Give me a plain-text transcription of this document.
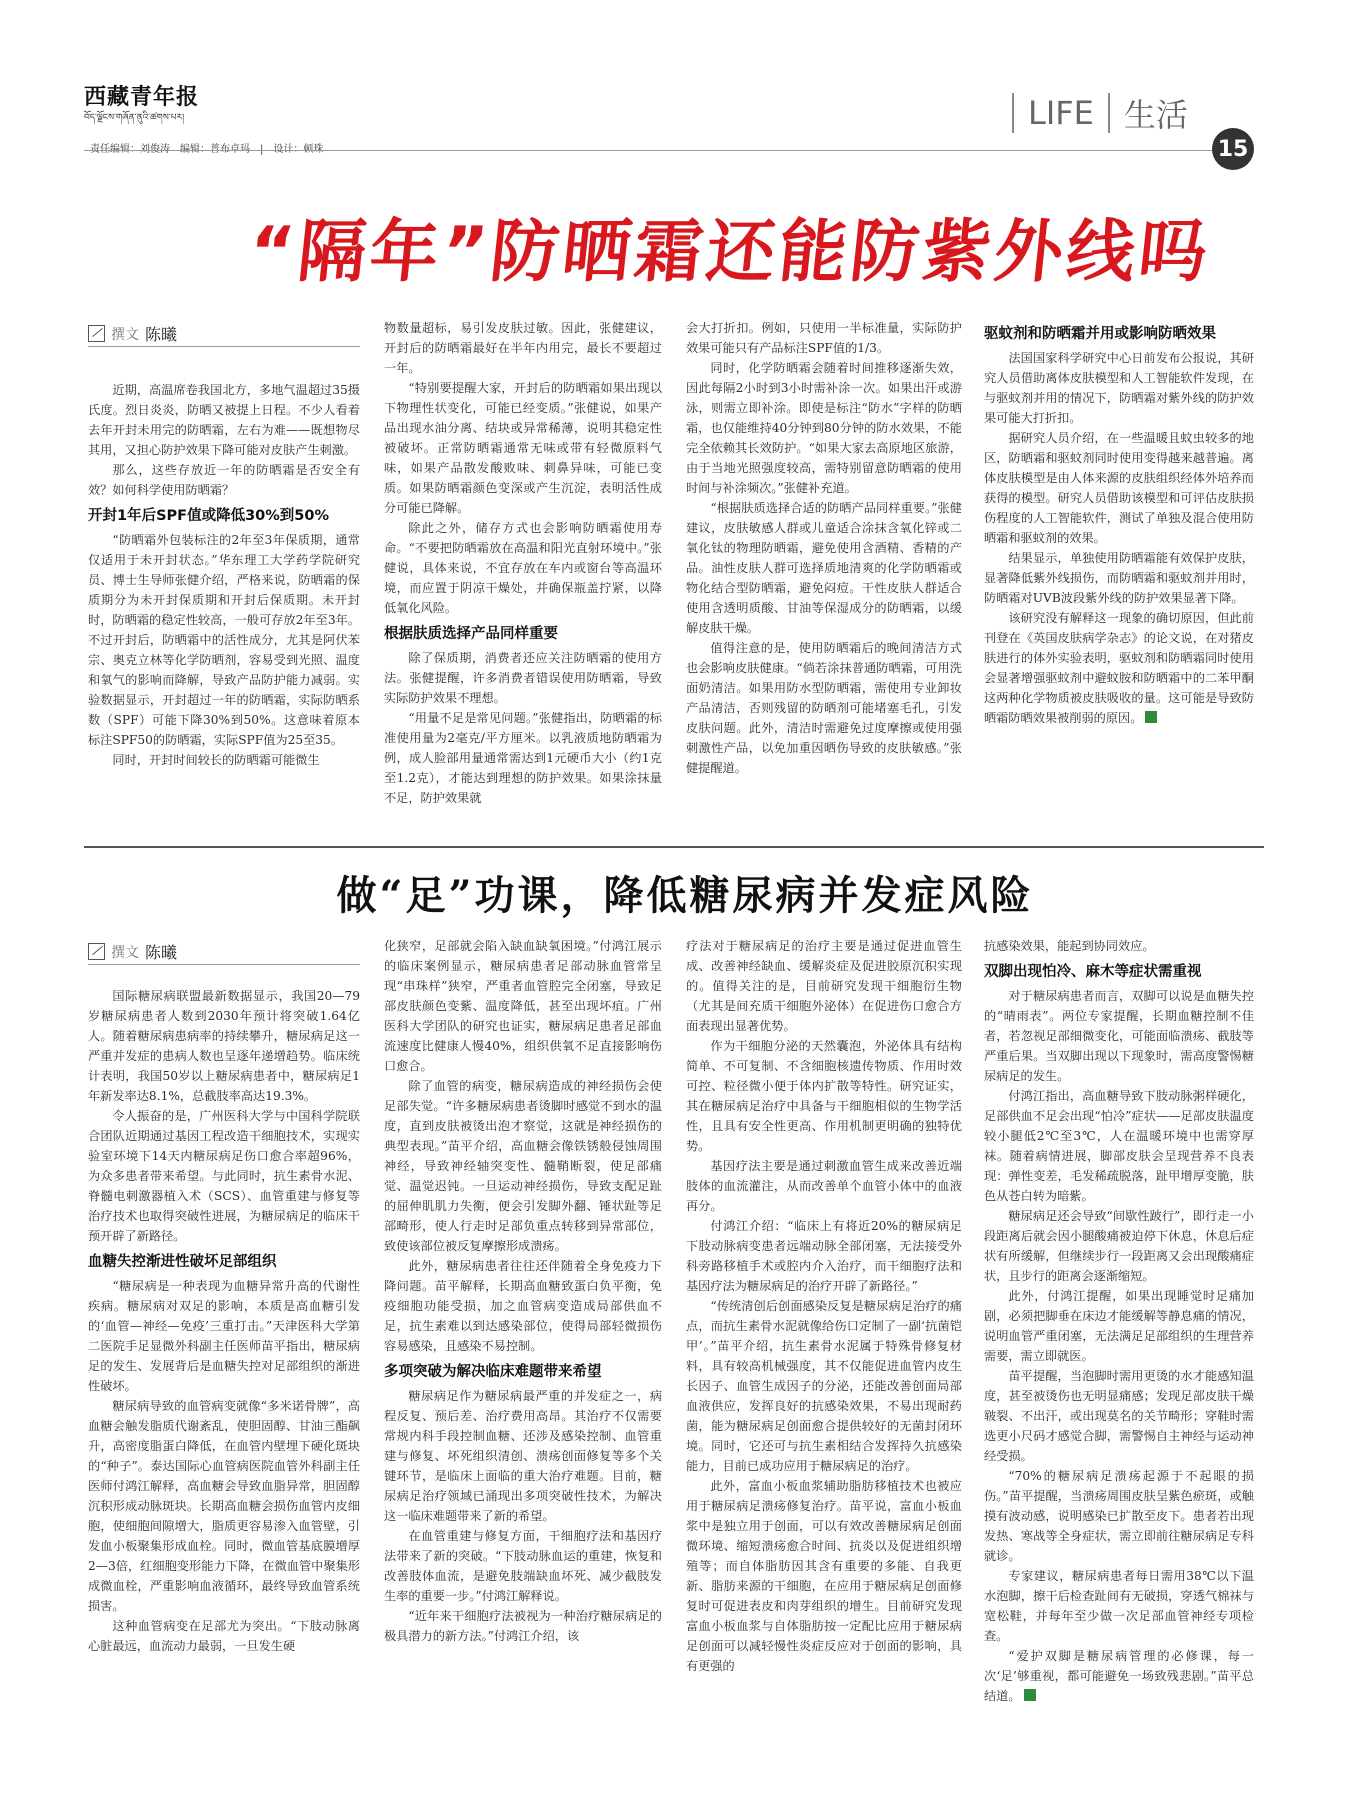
西藏青年报
བོད་ལྗོངས་གཞོན་ནུའི་ཚགས་པར།	LIFE 生活
15
“隔年”防晒霜还能防紫外线吗
撰文 陈曦

近期，高温席卷我国北方，多地气温超过35摄氏度。烈日炎炎，防晒又被提上日程。不少人看着去年开封未用完的防晒霜，左右为难——既想物尽其用，又担心防护效果下降可能对皮肤产生刺激。

那么，这些存放近一年的防晒霜是否安全有效？如何科学使用防晒霜？

开封1年后SPF值或降低30%到50%

“防晒霜外包装标注的2年至3年保质期，通常仅适用于未开封状态。”华东理工大学药学院研究员、博士生导师张健介绍，严格来说，防晒霜的保质期分为未开封保质期和开封后保质期。未开封时，防晒霜的稳定性较高，一般可存放2年至3年。不过开封后，防晒霜中的活性成分，尤其是阿伏苯宗、奥克立林等化学防晒剂，容易受到光照、温度和氧气的影响而降解，导致产品防护能力减弱。实验数据显示，开封超过一年的防晒霜，实际防晒系数（SPF）可能下降30%到50%。这意味着原本标注SPF50的防晒霜，实际SPF值为25至35。

同时，开封时间较长的防晒霜可能微生

物数量超标，易引发皮肤过敏。因此，张健建议，开封后的防晒霜最好在半年内用完，最长不要超过一年。

“特别要提醒大家，开封后的防晒霜如果出现以下物理性状变化，可能已经变质。”张健说，如果产品出现水油分离、结块或异常稀薄，说明其稳定性被破坏。正常防晒霜通常无味或带有轻微原料气味，如果产品散发酸败味、刺鼻异味，可能已变质。如果防晒霜颜色变深或产生沉淀，表明活性成分可能已降解。

除此之外，储存方式也会影响防晒霜使用寿命。“不要把防晒霜放在高温和阳光直射环境中。”张健说，具体来说，不宜存放在车内或窗台等高温环境，而应置于阴凉干燥处，并确保瓶盖拧紧，以降低氧化风险。

根据肤质选择产品同样重要

除了保质期，消费者还应关注防晒霜的使用方法。张健提醒，许多消费者错误使用防晒霜，导致实际防护效果不理想。

“用量不足是常见问题。”张健指出，防晒霜的标准使用量为2毫克/平方厘米。以乳液质地防晒霜为例，成人脸部用量通常需达到1元硬币大小（约1克至1.2克），才能达到理想的防护效果。如果涂抹量不足，防护效果就

会大打折扣。例如，只使用一半标准量，实际防护效果可能只有产品标注SPF值的1/3。

同时，化学防晒霜会随着时间推移逐渐失效，因此每隔2小时到3小时需补涂一次。如果出汗或游泳，则需立即补涂。即使是标注“防水”字样的防晒霜，也仅能维持40分钟到80分钟的防水效果，不能完全依赖其长效防护。“如果大家去高原地区旅游，由于当地光照强度较高，需特别留意防晒霜的使用时间与补涂频次。”张健补充道。

“根据肤质选择合适的防晒产品同样重要。”张健建议，皮肤敏感人群或儿童适合涂抹含氧化锌或二氧化钛的物理防晒霜，避免使用含酒精、香精的产品。油性皮肤人群可选择质地清爽的化学防晒霜或物化结合型防晒霜，避免闷痘。干性皮肤人群适合使用含透明质酸、甘油等保湿成分的防晒霜，以缓解皮肤干燥。

值得注意的是，使用防晒霜后的晚间清洁方式也会影响皮肤健康。“倘若涂抹普通防晒霜，可用洗面奶清洁。如果用防水型防晒霜，需使用专业卸妆产品清洁，否则残留的防晒剂可能堵塞毛孔，引发皮肤问题。此外，清洁时需避免过度摩擦或使用强刺激性产品，以免加重因晒伤导致的皮肤敏感。”张健提醒道。

驱蚊剂和防晒霜并用或影响防晒效果

法国国家科学研究中心日前发布公报说，其研究人员借助离体皮肤模型和人工智能软件发现，在与驱蚊剂并用的情况下，防晒霜对紫外线的防护效果可能大打折扣。

据研究人员介绍，在一些温暖且蚊虫较多的地区，防晒霜和驱蚊剂同时使用变得越来越普遍。离体皮肤模型是由人体来源的皮肤组织经体外培养而获得的模型。研究人员借助该模型和可评估皮肤损伤程度的人工智能软件，测试了单独及混合使用防晒霜和驱蚊剂的效果。

结果显示，单独使用防晒霜能有效保护皮肤，显著降低紫外线损伤，而防晒霜和驱蚊剂并用时，防晒霜对UVB波段紫外线的防护效果显著下降。

该研究没有解释这一现象的确切原因，但此前刊登在《英国皮肤病学杂志》的论文说，在对猪皮肤进行的体外实验表明，驱蚊剂和防晒霜同时使用会显著增强驱蚊剂中避蚊胺和防晒霜中的二苯甲酮这两种化学物质被皮肤吸收的量。这可能是导致防晒霜防晒效果被削弱的原因。

做“足”功课，降低糖尿病并发症风险
撰文 陈曦

国际糖尿病联盟最新数据显示，我国20—79岁糖尿病患者人数到2030年预计将突破1.64亿人。随着糖尿病患病率的持续攀升，糖尿病足这一严重并发症的患病人数也呈逐年递增趋势。临床统计表明，我国50岁以上糖尿病患者中，糖尿病足1年新发率达8.1%，总截肢率高达19.3%。

令人振奋的是，广州医科大学与中国科学院联合团队近期通过基因工程改造干细胞技术，实现实验室环境下14天内糖尿病足伤口愈合率超96%，为众多患者带来希望。与此同时，抗生素骨水泥、脊髓电刺激器植入术（SCS）、血管重建与修复等治疗技术也取得突破性进展，为糖尿病足的临床干预开辟了新路径。

血糖失控渐进性破坏足部组织

“糖尿病是一种表现为血糖异常升高的代谢性疾病。糖尿病对双足的影响，本质是高血糖引发的‘血管—神经—免疫’三重打击。”天津医科大学第二医院手足显微外科副主任医师苗平指出，糖尿病足的发生、发展背后是血糖失控对足部组织的渐进性破坏。

糖尿病导致的血管病变就像“多米诺骨牌”，高血糖会触发脂质代谢紊乱，使胆固醇、甘油三酯飙升，高密度脂蛋白降低，在血管内壁埋下硬化斑块的“种子”。泰达国际心血管病医院血管外科副主任医师付鸿江解释，高血糖会导致血脂异常，胆固醇沉积形成动脉斑块。长期高血糖会损伤血管内皮细胞，使细胞间隙增大，脂质更容易渗入血管壁，引发血小板聚集形成血栓。同时，微血管基底膜增厚2—3倍，红细胞变形能力下降，在微血管中聚集形成微血栓，严重影响血液循环，最终导致血管系统损害。

这种血管病变在足部尤为突出。“下肢动脉离心脏最远，血流动力最弱，一旦发生硬

化狭窄，足部就会陷入缺血缺氧困境。”付鸿江展示的临床案例显示，糖尿病患者足部动脉血管常呈现“串珠样”狭窄，严重者血管腔完全闭塞，导致足部皮肤颜色变紫、温度降低，甚至出现坏疽。广州医科大学团队的研究也证实，糖尿病足患者足部血流速度比健康人慢40%，组织供氧不足直接影响伤口愈合。

除了血管的病变，糖尿病造成的神经损伤会使足部失觉。“许多糖尿病患者烫脚时感觉不到水的温度，直到皮肤被烫出泡才察觉，这就是神经损伤的典型表现。”苗平介绍，高血糖会像铁锈般侵蚀周围神经，导致神经轴突变性、髓鞘断裂，使足部痛觉、温觉迟钝。一旦运动神经损伤，导致支配足趾的屈伸肌肌力失衡，便会引发脚外翻、锤状趾等足部畸形，使人行走时足部负重点转移到异常部位，致使该部位被反复摩擦形成溃疡。

此外，糖尿病患者往往还伴随着全身免疫力下降问题。苗平解释，长期高血糖致蛋白负平衡，免疫细胞功能受损，加之血管病变造成局部供血不足，抗生素难以到达感染部位，使得局部轻微损伤容易感染，且感染不易控制。

多项突破为解决临床难题带来希望

糖尿病足作为糖尿病最严重的并发症之一，病程反复、预后差、治疗费用高昂。其治疗不仅需要常规内科手段控制血糖、还涉及感染控制、血管重建与修复、坏死组织清创、溃疡创面修复等多个关键环节，是临床上面临的重大治疗难题。目前，糖尿病足治疗领域已涌现出多项突破性技术，为解决这一临床难题带来了新的希望。

在血管重建与修复方面，干细胞疗法和基因疗法带来了新的突破。“下肢动脉血运的重建，恢复和改善肢体血流，是避免肢端缺血坏死、减少截肢发生率的重要一步。”付鸿江解释说。

“近年来干细胞疗法被视为一种治疗糖尿病足的极具潜力的新方法。”付鸿江介绍，该

疗法对于糖尿病足的治疗主要是通过促进血管生成、改善神经缺血、缓解炎症及促进胶原沉积实现的。值得关注的是，目前研究发现干细胞衍生物（尤其是间充质干细胞外泌体）在促进伤口愈合方面表现出显著优势。

作为干细胞分泌的天然囊泡，外泌体具有结构简单、不可复制、不含细胞核遗传物质、作用时效可控、粒径微小便于体内扩散等特性。研究证实，其在糖尿病足治疗中具备与干细胞相似的生物学活性，且具有安全性更高、作用机制更明确的独特优势。

基因疗法主要是通过刺激血管生成来改善近端肢体的血流灌注，从而改善单个血管小体中的血液再分。

付鸿江介绍：“临床上有将近20%的糖尿病足下肢动脉病变患者远端动脉全部闭塞，无法接受外科旁路移植手术或腔内介入治疗，而干细胞疗法和基因疗法为糖尿病足的治疗开辟了新路径。”

“传统清创后创面感染反复是糖尿病足治疗的痛点，而抗生素骨水泥就像给伤口定制了一副‘抗菌铠甲’。”苗平介绍，抗生素骨水泥属于特殊骨修复材料，具有较高机械强度，其不仅能促进血管内皮生长因子、血管生成因子的分泌，还能改善创面局部血液供应，发挥良好的抗感染效果，不易出现耐药菌，能为糖尿病足创面愈合提供较好的无菌封闭环境。同时，它还可与抗生素相结合发挥持久抗感染能力，目前已成功应用于糖尿病足的治疗。

此外，富血小板血浆辅助脂肪移植技术也被应用于糖尿病足溃疡修复治疗。苗平说，富血小板血浆中是独立用于创面，可以有效改善糖尿病足创面微环境、缩短溃疡愈合时间、抗炎以及促进组织增殖等；而自体脂肪因其含有重要的多能、自我更新、脂肪来源的干细胞，在应用于糖尿病足创面修复时可促进表皮和肉芽组织的增生。目前研究发现富血小板血浆与自体脂肪按一定配比应用于糖尿病足创面可以减轻慢性炎症反应对于创面的影响，具有更强的

抗感染效果，能起到协同效应。

双脚出现怕冷、麻木等症状需重视

对于糖尿病患者而言，双脚可以说是血糖失控的“晴雨表”。两位专家提醒，长期血糖控制不佳者，若忽视足部细微变化，可能面临溃疡、截肢等严重后果。当双脚出现以下现象时，需高度警惕糖尿病足的发生。

付鸿江指出，高血糖导致下肢动脉粥样硬化，足部供血不足会出现“怕冷”症状——足部皮肤温度较小腿低2℃至3℃，人在温暖环境中也需穿厚袜。随着病情进展，脚部皮肤会呈现营养不良表现：弹性变差，毛发稀疏脱落，趾甲增厚变脆，肤色从苍白转为暗紫。

糖尿病足还会导致“间歇性跛行”，即行走一小段距离后就会因小腿酸痛被迫停下休息，休息后症状有所缓解，但继续步行一段距离又会出现酸痛症状，且步行的距离会逐渐缩短。

此外，付鸿江提醒，如果出现睡觉时足痛加剧，必须把脚垂在床边才能缓解等静息痛的情况，说明血管严重闭塞，无法满足足部组织的生理营养需要，需立即就医。

苗平提醒，当泡脚时需用更烫的水才能感知温度，甚至被烫伤也无明显痛感；发现足部皮肤干燥皲裂、不出汗，或出现莫名的关节畸形；穿鞋时需选更小尺码才感觉合脚，需警惕自主神经与运动神经受损。

“70%的糖尿病足溃疡起源于不起眼的损伤。”苗平提醒，当溃疡周围皮肤呈紫色瘀斑，或触摸有波动感，说明感染已扩散至皮下。患者若出现发热、寒战等全身症状，需立即前往糖尿病足专科就诊。

专家建议，糖尿病患者每日需用38℃以下温水泡脚，擦干后检查趾间有无破损，穿透气棉袜与宽松鞋，并每年至少做一次足部血管神经专项检查。

“爱护双脚是糖尿病管理的必修课，每一次‘足’够重视，都可能避免一场致残悲剧。”苗平总结道。
